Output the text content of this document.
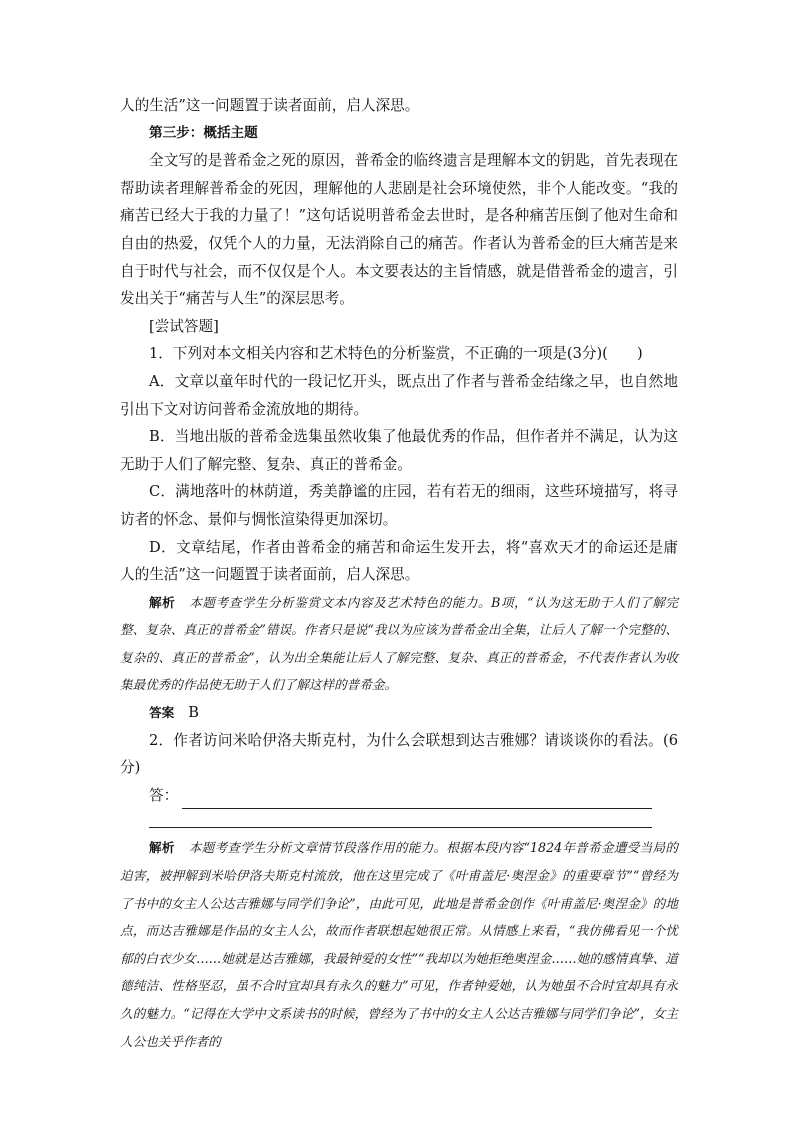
人的生活”这一问题置于读者面前，启人深思。

第三步：概括主题

全文写的是普希金之死的原因，普希金的临终遗言是理解本文的钥匙，首先表现在帮助读者理解普希金的死因，理解他的人悲剧是社会环境使然，非个人能改变。“我的痛苦已经大于我的力量了！”这句话说明普希金去世时，是各种痛苦压倒了他对生命和自由的热爱，仅凭个人的力量，无法消除自己的痛苦。作者认为普希金的巨大痛苦是来自于时代与社会，而不仅仅是个人。本文要表达的主旨情感，就是借普希金的遗言，引发出关于“痛苦与人生”的深层思考。

[尝试答题]

1．下列对本文相关内容和艺术特色的分析鉴赏，不正确的一项是(3分)(　　)

A．文章以童年时代的一段记忆开头，既点出了作者与普希金结缘之早，也自然地引出下文对访问普希金流放地的期待。

B．当地出版的普希金选集虽然收集了他最优秀的作品，但作者并不满足，认为这无助于人们了解完整、复杂、真正的普希金。

C．满地落叶的林荫道，秀美静谧的庄园，若有若无的细雨，这些环境描写，将寻访者的怀念、景仰与惆怅渲染得更加深切。

D．文章结尾，作者由普希金的痛苦和命运生发开去，将“喜欢天才的命运还是庸人的生活”这一问题置于读者面前，启人深思。

解析 本题考查学生分析鉴赏文本内容及艺术特色的能力。B项，“认为这无助于人们了解完整、复杂、真正的普希金”错误。作者只是说“我以为应该为普希金出全集，让后人了解一个完整的、复杂的、真正的普希金”，认为出全集能让后人了解完整、复杂、真正的普希金，不代表作者认为收集最优秀的作品使无助于人们了解这样的普希金。

答案 B

2．作者访问米哈伊洛夫斯克村，为什么会联想到达吉雅娜？请谈谈你的看法。(6分)

答：

解析 本题考查学生分析文章情节段落作用的能力。根据本段内容“1824年普希金遭受当局的迫害，被押解到米哈伊洛夫斯克村流放，他在这里完成了《叶甫盖尼·奥涅金》的重要章节”“曾经为了书中的女主人公达吉雅娜与同学们争论”，由此可见，此地是普希金创作《叶甫盖尼·奥涅金》的地点，而达吉雅娜是作品的女主人公，故而作者联想起她很正常。从情感上来看，“我仿佛看见一个忧郁的白衣少女……她就是达吉雅娜，我最钟爱的女性”“我却以为她拒绝奥涅金……她的感情真挚、道德纯洁、性格坚忍，虽不合时宜却具有永久的魅力”可见，作者钟爱她，认为她虽不合时宜却具有永久的魅力。“记得在大学中文系读书的时候，曾经为了书中的女主人公达吉雅娜与同学们争论”，女主人公也关乎作者的
